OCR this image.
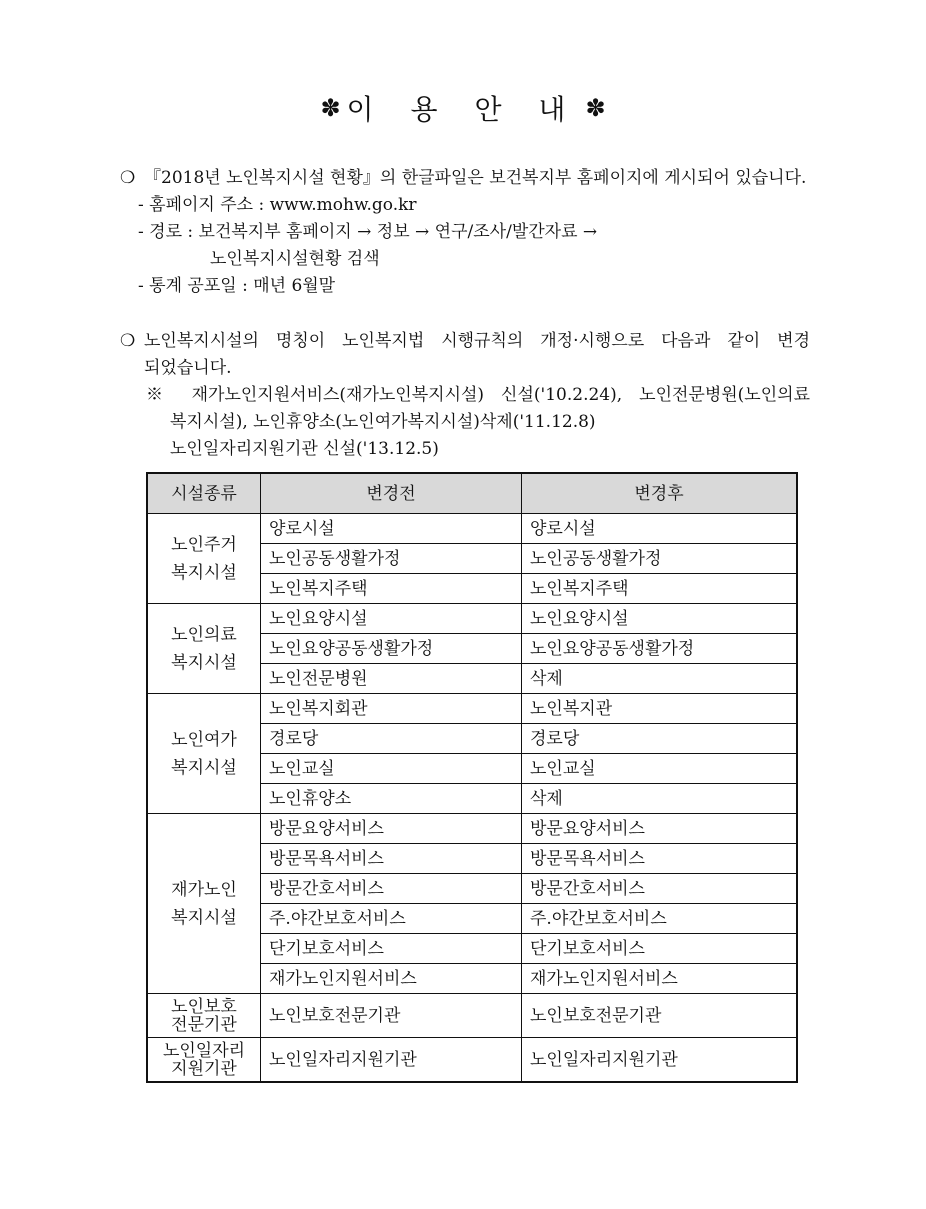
✽ 이 용 안 내 ✽
❍ 『2018년 노인복지시설 현황』의 한글파일은 보건복지부 홈페이지에 게시되어 있습니다.
- 홈페이지 주소 : www.mohw.go.kr
- 경로 : 보건복지부 홈페이지 → 정보 → 연구/조사/발간자료 →
노인복지시설현황 검색
- 통계 공포일 : 매년 6월말
❍ 노인복지시설의 명칭이 노인복지법 시행규칙의 개정·시행으로 다음과 같이 변경
되었습니다.
※ 재가노인지원서비스(재가노인복지시설) 신설('10.2.24), 노인전문병원(노인의료
복지시설), 노인휴양소(노인여가복지시설)삭제('11.12.8)
노인일자리지원기관 신설('13.12.5)
시설종류	변경전	변경후

노인주거
복지시설	양로시설	양로시설
	노인공동생활가정	노인공동생활가정
	노인복지주택	노인복지주택

노인의료
복지시설	노인요양시설	노인요양시설
	노인요양공동생활가정	노인요양공동생활가정
	노인전문병원	삭제

노인여가
복지시설	노인복지회관	노인복지관
	경로당	경로당
	노인교실	노인교실
	노인휴양소	삭제

재가노인
복지시설	방문요양서비스	방문요양서비스
	방문목욕서비스	방문목욕서비스
	방문간호서비스	방문간호서비스
	주.야간보호서비스	주.야간보호서비스
	단기보호서비스	단기보호서비스
	재가노인지원서비스	재가노인지원서비스

노인보호
전문기관	노인보호전문기관	노인보호전문기관

노인일자리
지원기관	노인일자리지원기관	노인일자리지원기관
